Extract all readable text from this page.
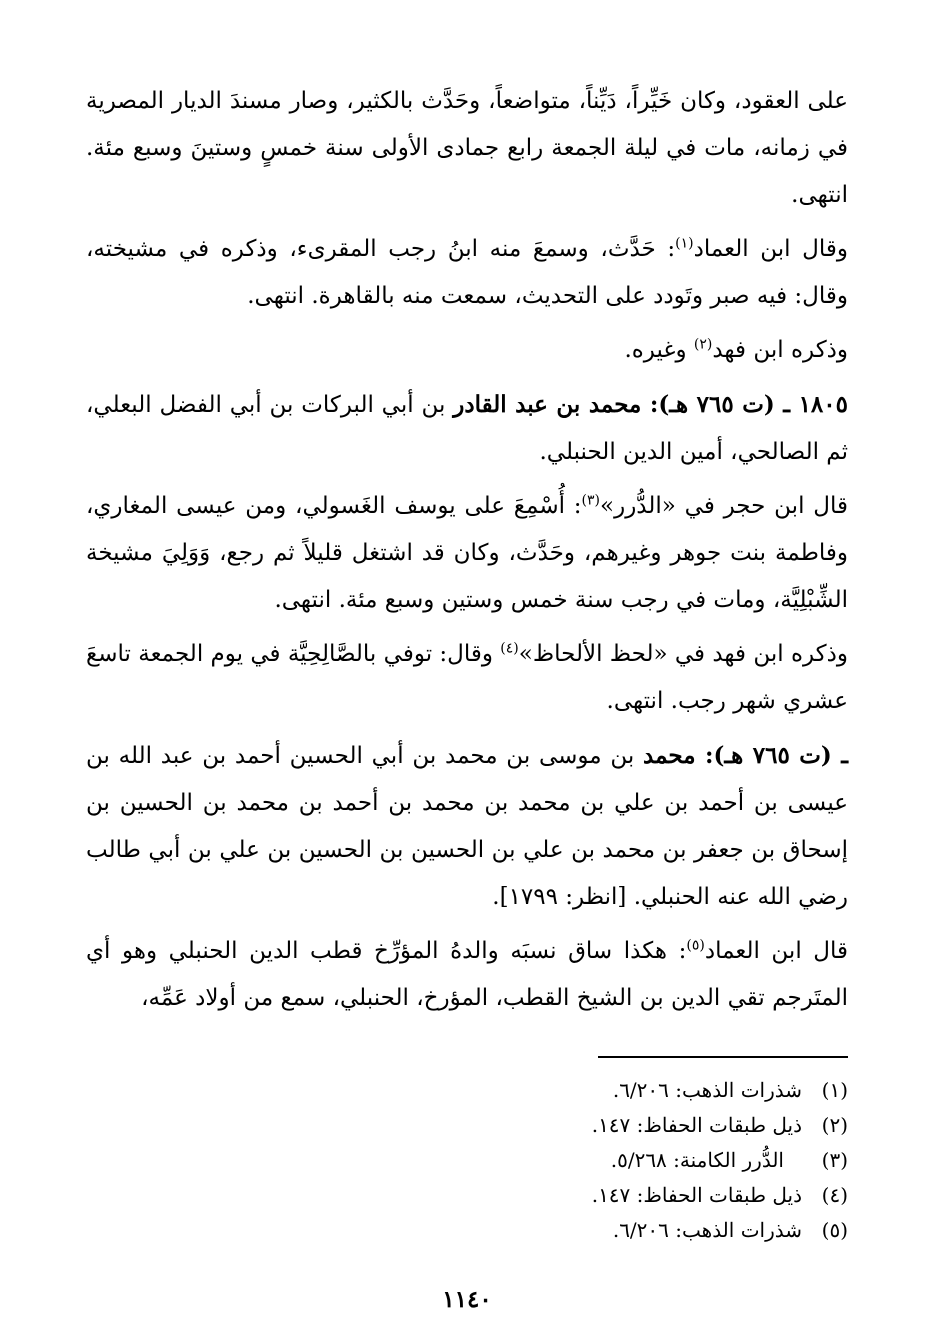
على العقود، وكان خَيِّراً، دَيِّناً، متواضعاً، وحَدَّث بالكثير، وصار مسندَ الديار المصرية في زمانه، مات في ليلة الجمعة رابع جمادى الأولى سنة خمسٍ وستينَ وسبع مئة. انتهى.

وقال ابن العماد$^{(١)}$: حَدَّث، وسمعَ منه ابنُ رجب المقرىء، وذكره في مشيخته، وقال: فيه صبر وتَودد على التحديث، سمعت منه بالقاهرة. انتهى.

وذكره ابن فهد$^{(٢)}$ وغيره.

١٨٠٥ ـ (ت ٧٦٥ هـ): محمد بن عبد القادر بن أبي البركات بن أبي الفضل البعلي، ثم الصالحي، أمين الدين الحنبلي.

قال ابن حجر في «الدُّرر»$^{(٣)}$: أُسْمِعَ على يوسف الغَسولي، ومن عيسى المغاري، وفاطمة بنت جوهر وغيرهم، وحَدَّث، وكان قد اشتغل قليلاً ثم رجع، وَوَلِيَ مشيخة الشِّبْلِيَّة، ومات في رجب سنة خمس وستين وسبع مئة. انتهى.

وذكره ابن فهد في «لحظ الألحاظ»$^{(٤)}$ وقال: توفي بالصَّالِحِيَّة في يوم الجمعة تاسعَ عشري شهر رجب. انتهى.

ـ (ت ٧٦٥ هـ): محمد بن موسى بن محمد بن أبي الحسين أحمد بن عبد الله بن عيسى بن أحمد بن علي بن محمد بن محمد بن أحمد بن محمد بن الحسين بن إسحاق بن جعفر بن محمد بن علي بن الحسين بن الحسين بن علي بن أبي طالب رضي الله عنه الحنبلي. [انظر: ١٧٩٩].

قال ابن العماد$^{(٥)}$: هكذا ساق نسبَه والدهُ المؤرِّخ قطب الدين الحنبلي وهو أي المتَرجم تقي الدين بن الشيخ القطب، المؤرخ، الحنبلي، سمع من أولاد عَمِّه،

(١)شذرات الذهب: ٦/٢٠٦.
(٢)ذيل طبقات الحفاظ: ١٤٧.
(٣)الدُّرر الكامنة: ٥/٢٦٨.
(٤)ذيل طبقات الحفاظ: ١٤٧.
(٥)شذرات الذهب: ٦/٢٠٦.
١١٤٠
